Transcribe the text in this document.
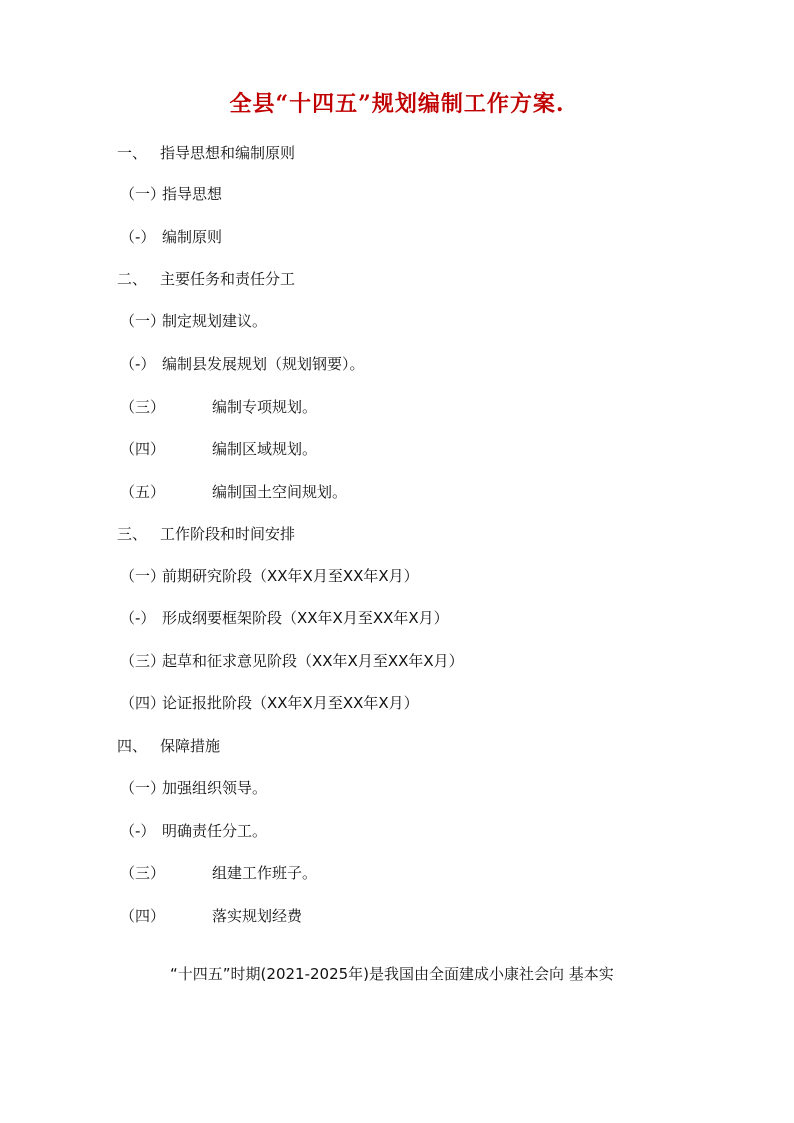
全县“十四五”规划编制工作方案.
一、 指导思想和编制原则
（一）
指导思想
（-） 编制原则
二、 主要任务和责任分工
（一）
制定规划建议。
（-） 编制县发展规划（规划钢要）。
（三）	编制专项规划。
（四）	编制区域规划。
（五）	编制国土空间规划。
三、 工作阶段和时间安排
（一）
前期研究阶段（XX年X月至XX年X月）
（-） 形成纲要框架阶段（XX年X月至XX年X月）
（三）
起草和征求意见阶段（XX年X月至XX年X月）
（四）
论证报批阶段（XX年X月至XX年X月）
四、 保障措施
（一）
加强组织领导。
（-） 明确责任分工。
（三）	组建工作班子。
（四）	落实规划经费
“十四五”时期(2021-2025年)是我国由全面建成小康社会向 基本实
